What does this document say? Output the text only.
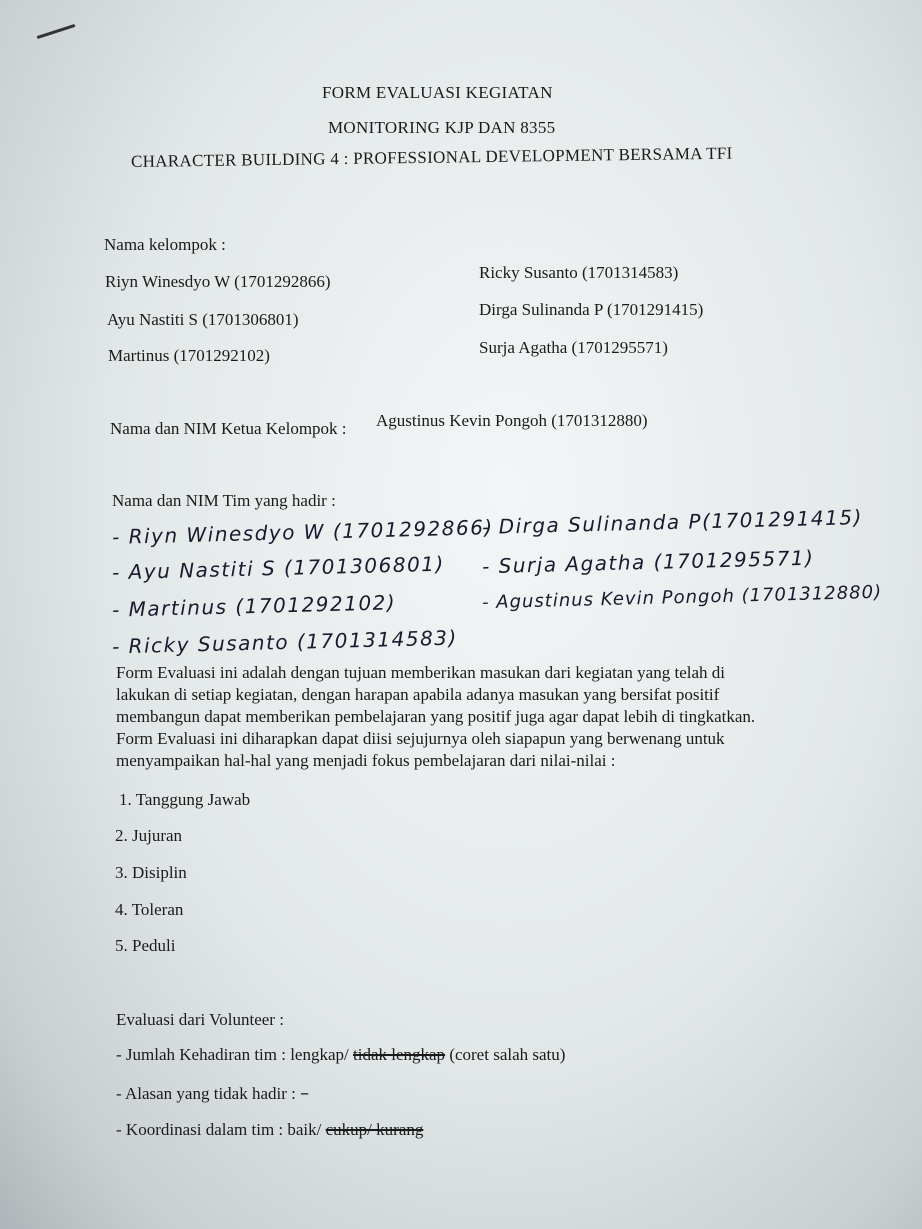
FORM EVALUASI KEGIATAN
MONITORING KJP DAN 8355
CHARACTER BUILDING 4 : PROFESSIONAL DEVELOPMENT BERSAMA TFI
Nama kelompok :
Riyn Winesdyo W (1701292866)
Ayu Nastiti S (1701306801)
Martinus (1701292102)
Ricky Susanto (1701314583)
Dirga Sulinanda P (1701291415)
Surja Agatha (1701295571)
Nama dan NIM Ketua Kelompok : Agustinus Kevin Pongoh (1701312880)
Nama dan NIM Tim yang hadir :
- Riyn Winesdyo W (1701292866)
- Ayu Nastiti S (1701306801)
- Martinus (1701292102)
- Ricky Susanto (1701314583)
- Dirga Sulinanda P(1701291415)
- Surja Agatha (1701295571)
- Agustinus Kevin Pongoh (1701312880)
Form Evaluasi ini adalah dengan tujuan memberikan masukan dari kegiatan yang telah di
lakukan di setiap kegiatan, dengan harapan apabila adanya masukan yang bersifat positif
membangun dapat memberikan pembelajaran yang positif juga agar dapat lebih di tingkatkan.
Form Evaluasi ini diharapkan dapat diisi sejujurnya oleh siapapun yang berwenang untuk
menyampaikan hal-hal yang menjadi fokus pembelajaran dari nilai-nilai :
1. Tanggung Jawab
2. Jujuran
3. Disiplin
4. Toleran
5. Peduli
Evaluasi dari Volunteer :
- Jumlah Kehadiran tim : lengkap/ tidak lengkap (coret salah satu)
- Alasan yang tidak hadir : –
- Koordinasi dalam tim : baik/ cukup/ kurang
